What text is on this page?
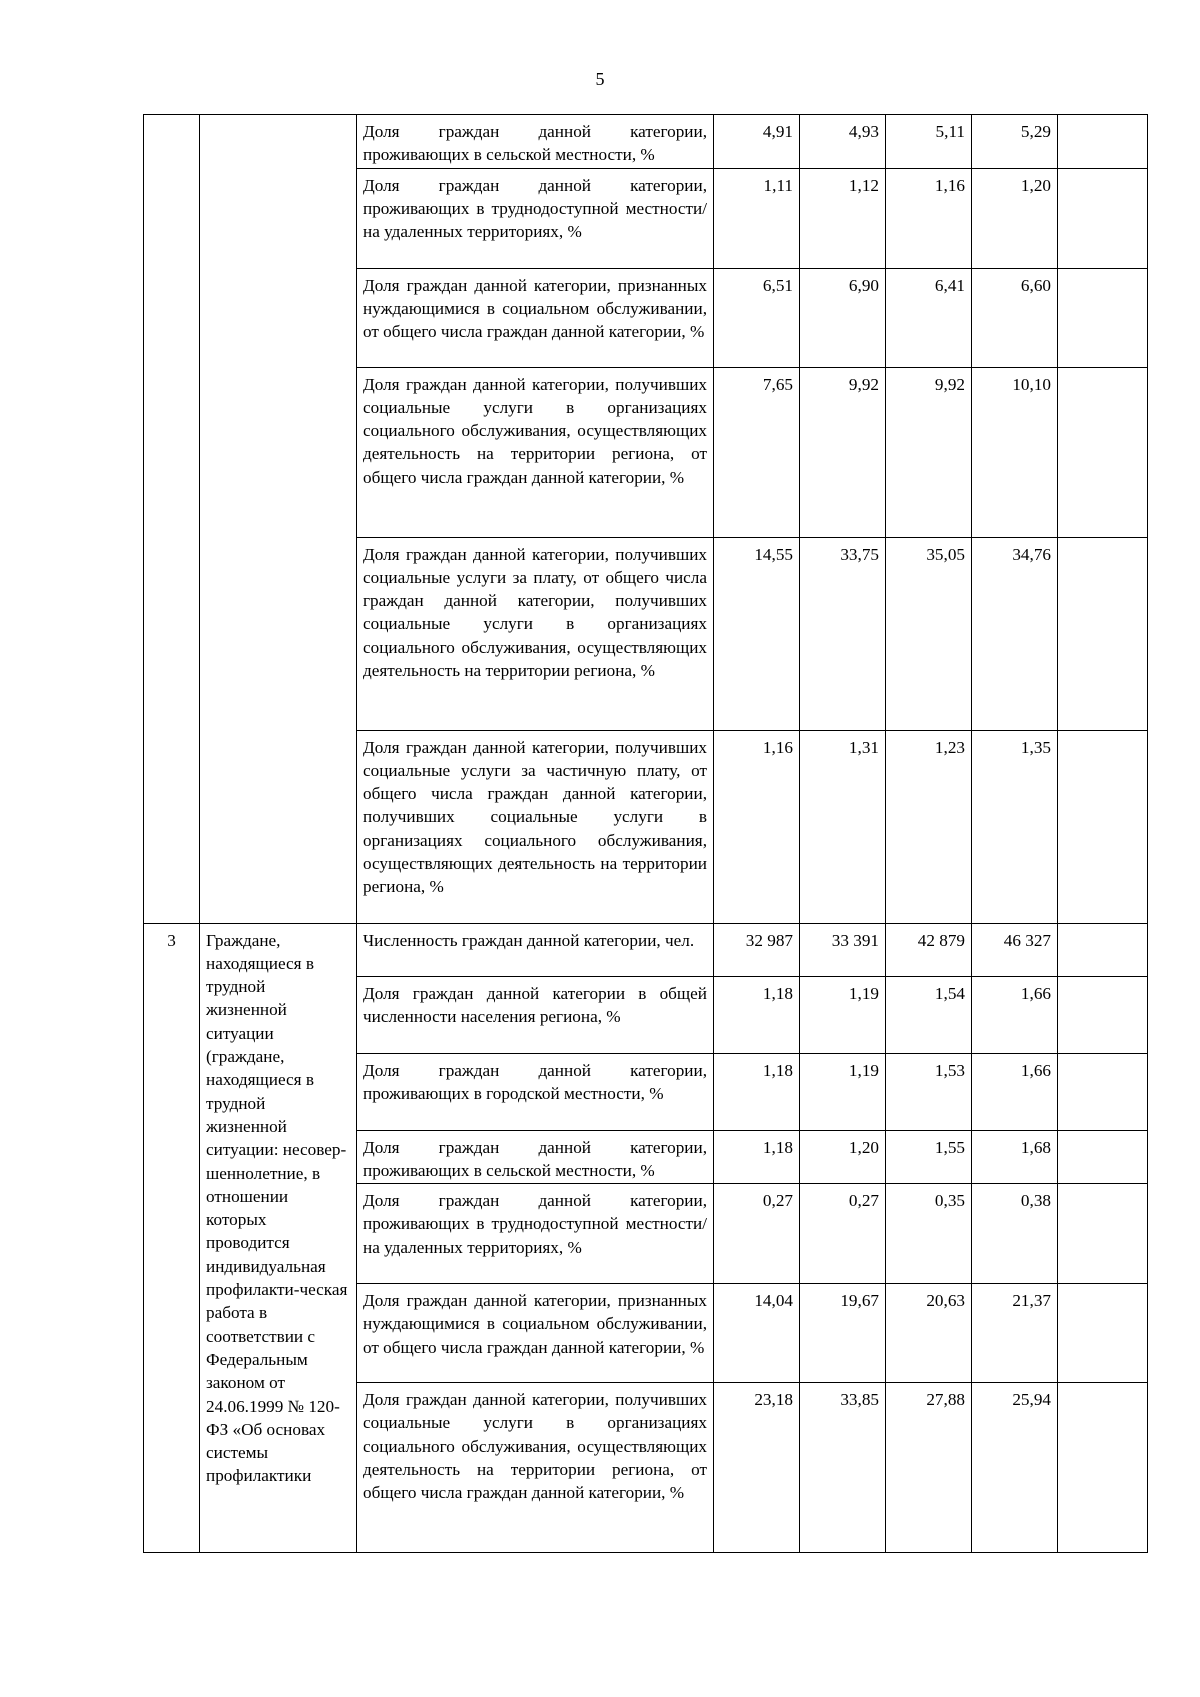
5
		Доля граждан данной категории, проживающих в сельской местности, %	4,91	4,93	5,11	5,29	
		Доля граждан данной категории, проживающих в труднодоступной местности/на удаленных территориях, %	1,11	1,12	1,16	1,20	
		Доля граждан данной категории, признанных нуждающимися в социальном обслуживании, от общего числа граждан данной категории, %	6,51	6,90	6,41	6,60	
		Доля граждан данной категории, получивших социальные услуги в организациях социального обслуживания, осуществляющих деятельность на территории региона, от общего числа граждан данной категории, %	7,65	9,92	9,92	10,10	
		Доля граждан данной категории, получивших социальные услуги за плату, от общего числа граждан данной категории, получивших социальные услуги в организациях социального обслуживания, осуществляющих деятельность на территории региона, %	14,55	33,75	35,05	34,76	
		Доля граждан данной категории, получивших социальные услуги за частичную плату, от общего числа граждан данной категории, получивших социальные услуги в организациях социального обслуживания, осуществляющих деятельность на территории региона, %	1,16	1,31	1,23	1,35	
3	Граждане, находящиеся в трудной жизненной ситуации (граждане, находящиеся в трудной жизненной ситуации: несовер-шеннолетние, в отношении которых проводится индивидуальная профилакти-ческая работа в соответствии с Федеральным законом от 24.06.1999 № 120-ФЗ «Об основах системы профилактики	Численность граждан данной категории, чел.	32 987	33 391	42 879	46 327	
		Доля граждан данной категории в общей численности населения региона, %	1,18	1,19	1,54	1,66	
		Доля граждан данной категории, проживающих в городской местности, %	1,18	1,19	1,53	1,66	
		Доля граждан данной категории, проживающих в сельской местности, %	1,18	1,20	1,55	1,68	
		Доля граждан данной категории, проживающих в труднодоступной местности/на удаленных территориях, %	0,27	0,27	0,35	0,38	
		Доля граждан данной категории, признанных нуждающимися в социальном обслуживании, от общего числа граждан данной категории, %	14,04	19,67	20,63	21,37	
		Доля граждан данной категории, получивших социальные услуги в организациях социального обслуживания, осуществляющих деятельность на территории региона, от общего числа граждан данной категории, %	23,18	33,85	27,88	25,94	
